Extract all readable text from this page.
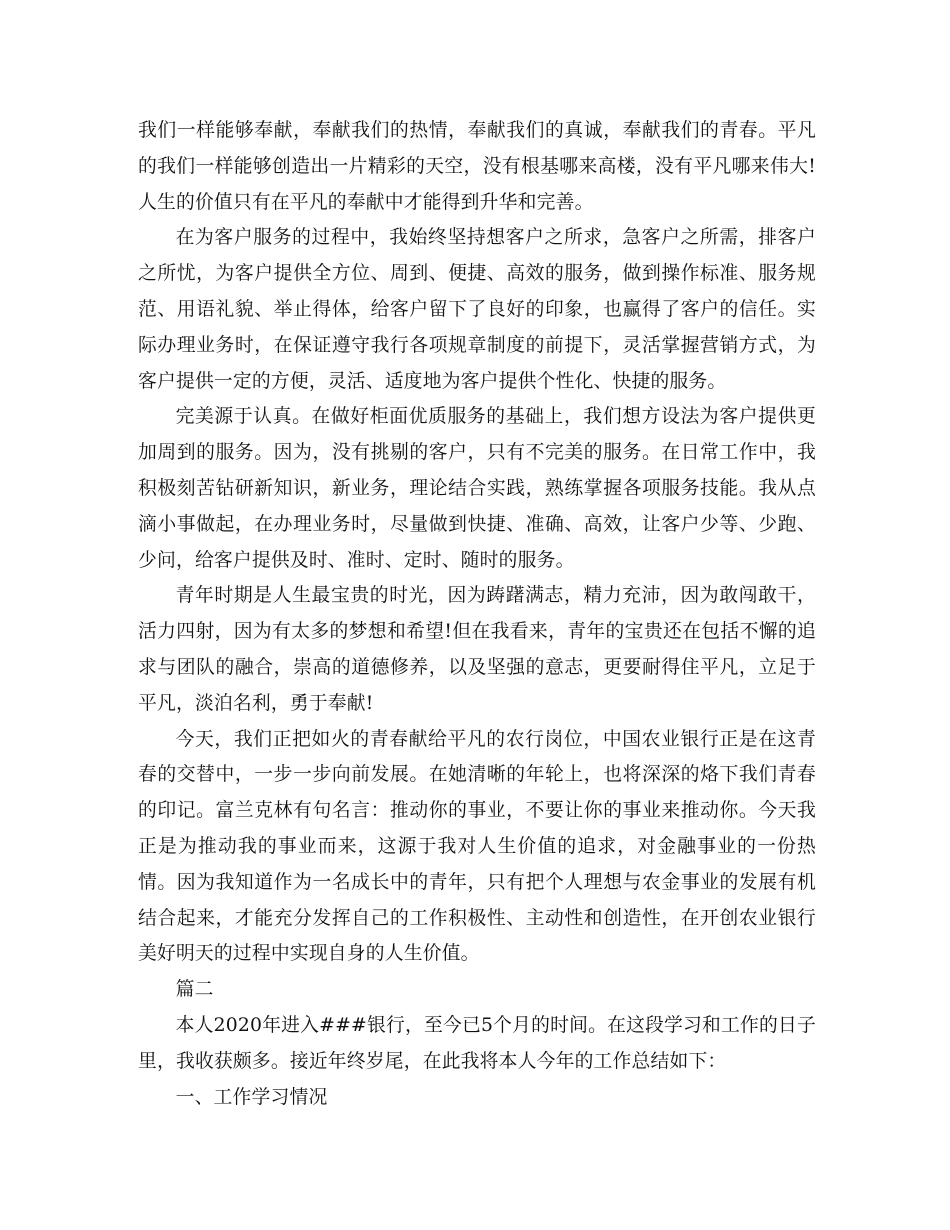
我们一样能够奉献，奉献我们的热情，奉献我们的真诚，奉献我们的青春。平凡的我们一样能够创造出一片精彩的天空，没有根基哪来高楼，没有平凡哪来伟大!人生的价值只有在平凡的奉献中才能得到升华和完善。

在为客户服务的过程中，我始终坚持想客户之所求，急客户之所需，排客户之所忧，为客户提供全方位、周到、便捷、高效的服务，做到操作标准、服务规范、用语礼貌、举止得体，给客户留下了良好的印象，也赢得了客户的信任。实际办理业务时，在保证遵守我行各项规章制度的前提下，灵活掌握营销方式，为客户提供一定的方便，灵活、适度地为客户提供个性化、快捷的服务。

完美源于认真。在做好柜面优质服务的基础上，我们想方设法为客户提供更加周到的服务。因为，没有挑剔的客户，只有不完美的服务。在日常工作中，我积极刻苦钻研新知识，新业务，理论结合实践，熟练掌握各项服务技能。我从点滴小事做起，在办理业务时，尽量做到快捷、准确、高效，让客户少等、少跑、少问，给客户提供及时、准时、定时、随时的服务。

青年时期是人生最宝贵的时光，因为踌躇满志，精力充沛，因为敢闯敢干，活力四射，因为有太多的梦想和希望!但在我看来，青年的宝贵还在包括不懈的追求与团队的融合，崇高的道德修养，以及坚强的意志，更要耐得住平凡，立足于平凡，淡泊名利，勇于奉献!

今天，我们正把如火的青春献给平凡的农行岗位，中国农业银行正是在这青春的交替中，一步一步向前发展。在她清晰的年轮上，也将深深的烙下我们青春的印记。富兰克林有句名言：推动你的事业，不要让你的事业来推动你。今天我正是为推动我的事业而来，这源于我对人生价值的追求，对金融事业的一份热情。因为我知道作为一名成长中的青年，只有把个人理想与农金事业的发展有机结合起来，才能充分发挥自己的工作积极性、主动性和创造性，在开创农业银行美好明天的过程中实现自身的人生价值。

篇二

本人2020年进入###银行，至今已5个月的时间。在这段学习和工作的日子里，我收获颇多。接近年终岁尾，在此我将本人今年的工作总结如下：

一、工作学习情况
